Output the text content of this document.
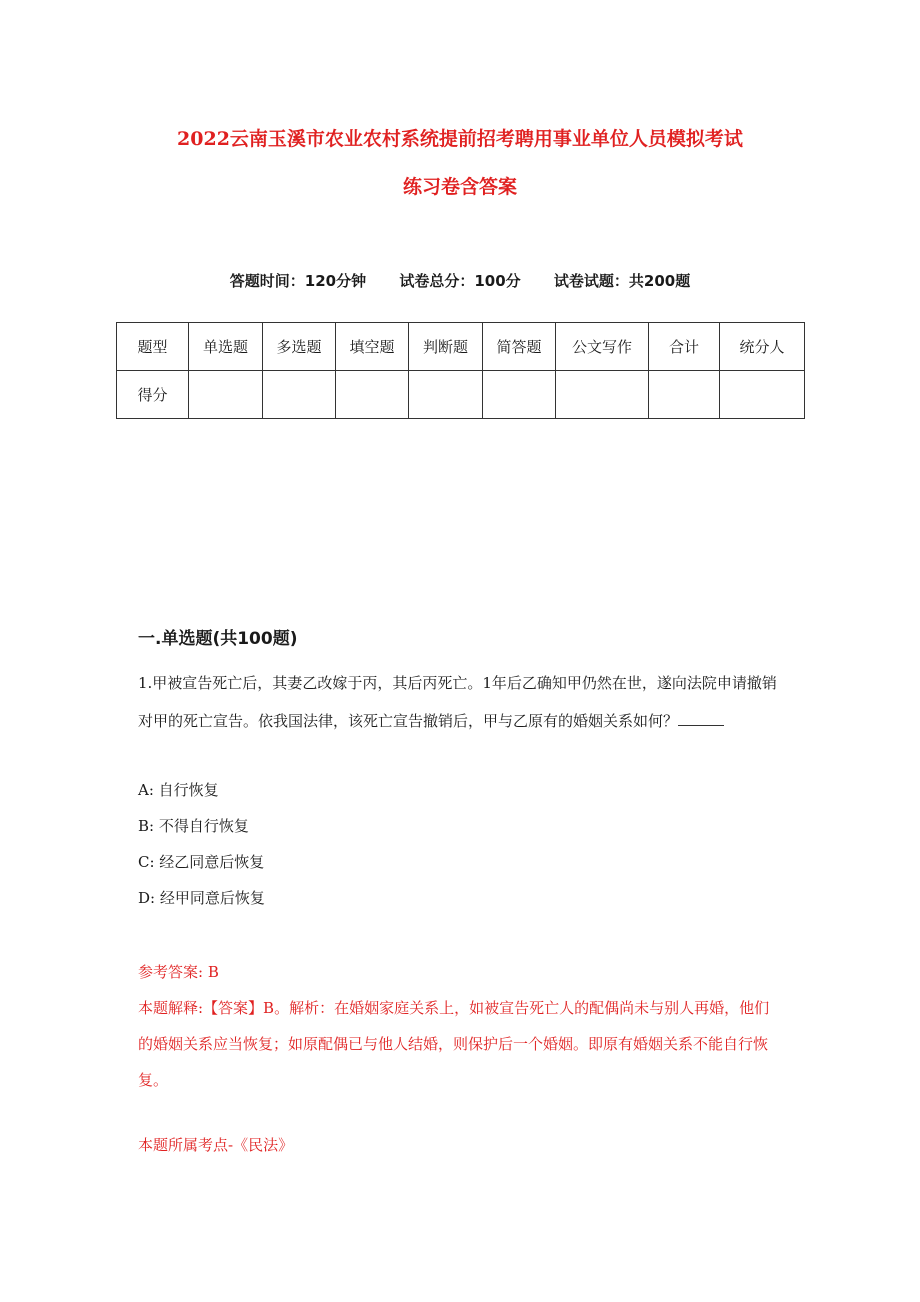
2022云南玉溪市农业农村系统提前招考聘用事业单位人员模拟考试
练习卷含答案
答题时间：120分钟 试卷总分：100分 试卷试题：共200题
题型	单选题	多选题	填空题	判断题	简答题	公文写作	合计	统分人
得分								
一.单选题(共100题)
1.甲被宣告死亡后，其妻乙改嫁于丙，其后丙死亡。1年后乙确知甲仍然在世，遂向法院申请撤销对甲的死亡宣告。依我国法律，该死亡宣告撤销后，甲与乙原有的婚姻关系如何？
A: 自行恢复
B: 不得自行恢复
C: 经乙同意后恢复
D: 经甲同意后恢复
参考答案: B
本题解释:【答案】B。解析：在婚姻家庭关系上，如被宣告死亡人的配偶尚未与别人再婚，他们的婚姻关系应当恢复；如原配偶已与他人结婚，则保护后一个婚姻。即原有婚姻关系不能自行恢复。
本题所属考点-《民法》
